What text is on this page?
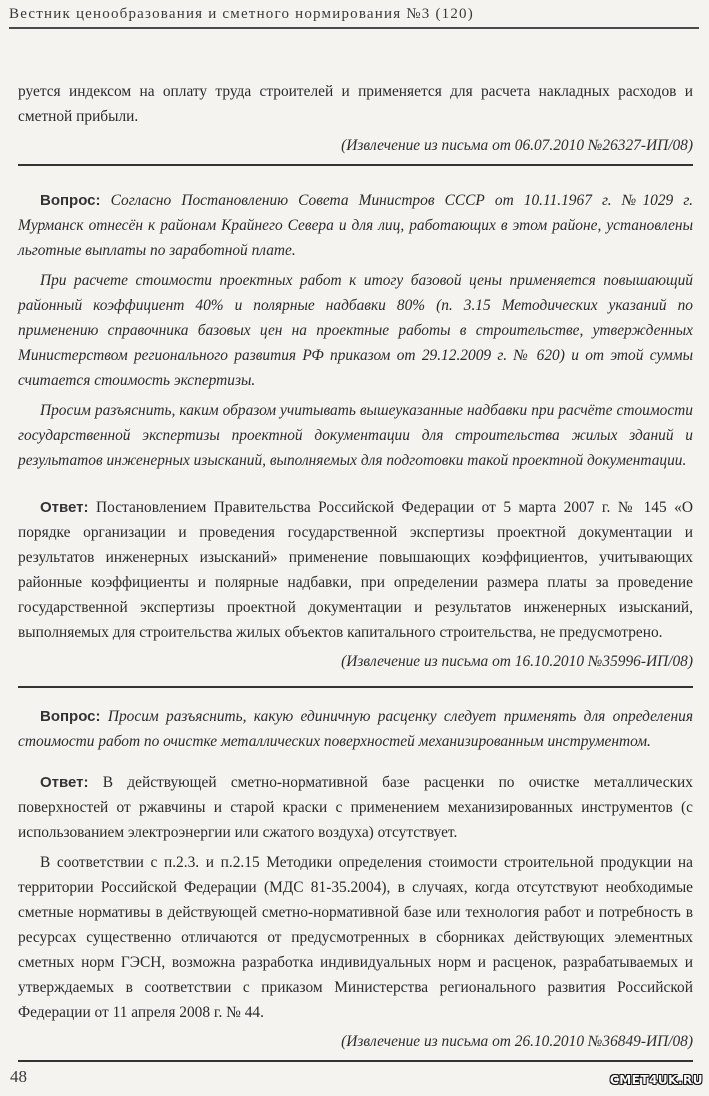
Вестник ценообразования и сметного нормирования №3 (120)

руется индексом на оплату труда строителей и применяется для расчета накладных расходов и сметной прибыли.

(Извлечение из письма от 06.07.2010 №26327-ИП/08)

Вопрос: Согласно Постановлению Совета Министров СССР от 10.11.1967 г. №1029 г. Мурманск отнесён к районам Крайнего Севера и для лиц, работающих в этом районе, установлены льготные выплаты по заработной плате.

При расчете стоимости проектных работ к итогу базовой цены применяется повышающий районный коэффициент 40% и полярные надбавки 80% (п. 3.15 Методических указаний по применению справочника базовых цен на проектные работы в строительстве, утвержденных Министерством регионального развития РФ приказом от 29.12.2009 г. № 620) и от этой суммы считается стоимость экспертизы.

Просим разъяснить, каким образом учитывать вышеуказанные надбавки при расчёте стоимости государственной экспертизы проектной документации для строительства жилых зданий и результатов инженерных изысканий, выполняемых для подготовки такой проектной документации.

Ответ: Постановлением Правительства Российской Федерации от 5 марта 2007 г. № 145 «О порядке организации и проведения государственной экспертизы проектной документации и результатов инженерных изысканий» применение повышающих коэффициентов, учитывающих районные коэффициенты и полярные надбавки, при определении размера платы за проведение государственной экспертизы проектной документации и результатов инженерных изысканий, выполняемых для строительства жилых объектов капитального строительства, не предусмотрено.

(Извлечение из письма от 16.10.2010 №35996-ИП/08)

Вопрос: Просим разъяснить, какую единичную расценку следует применять для определения стоимости работ по очистке металлических поверхностей механизированным инструментом.

Ответ: В действующей сметно-нормативной базе расценки по очистке металлических поверхностей от ржавчины и старой краски с применением механизированных инструментов (с использованием электроэнергии или сжатого воздуха) отсутствует.

В соответствии с п.2.3. и п.2.15 Методики определения стоимости строительной продукции на территории Российской Федерации (МДС 81-35.2004), в случаях, когда отсутствуют необходимые сметные нормативы в действующей сметно-нормативной базе или технология работ и потребность в ресурсах существенно отличаются от предусмотренных в сборниках действующих элементных сметных норм ГЭСН, возможна разработка индивидуальных норм и расценок, разрабатываемых и утверждаемых в соответствии с приказом Министерства регионального развития Российской Федерации от 11 апреля 2008 г. № 44.

(Извлечение из письма от 26.10.2010 №36849-ИП/08)

48	СМЕТ4UK.RU
